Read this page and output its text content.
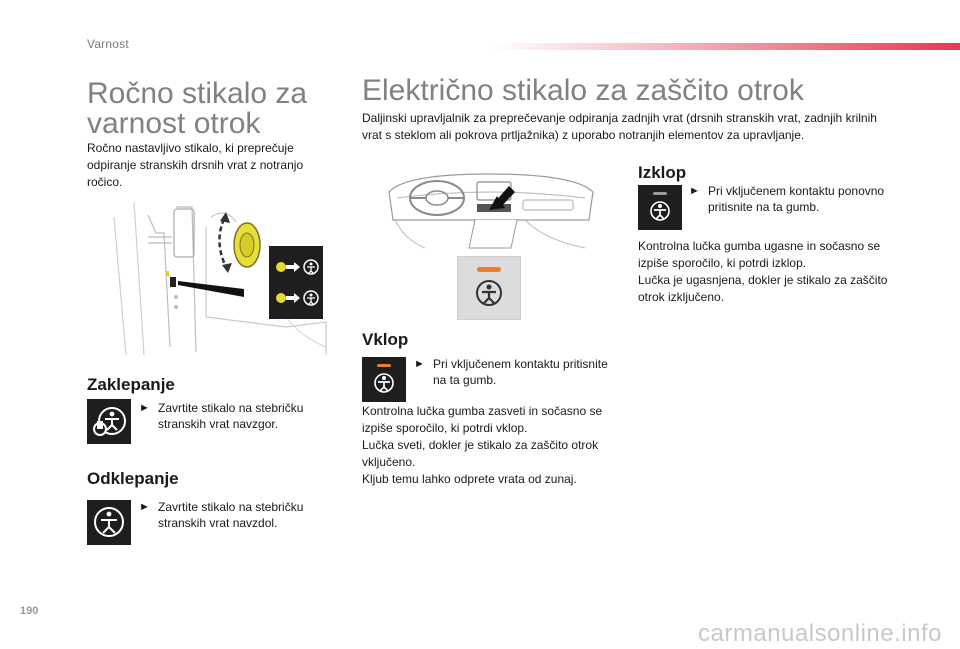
Varnost
Ročno stikalo za
varnost otrok
Ročno nastavljivo stikalo, ki preprečuje
odpiranje stranskih drsnih vrat z notranjo
ročico.
Zaklepanje
► Zavrtite stikalo na stebričku
stranskih vrat navzgor.
Odklepanje
► Zavrtite stikalo na stebričku
stranskih vrat navzdol.
Električno stikalo za zaščito otrok
Daljinski upravljalnik za preprečevanje odpiranja zadnjih vrat (drsnih stranskih vrat, zadnjih krilnih
vrat s steklom ali pokrova prtljažnika) z uporabo notranjih elementov za upravljanje.
Vklop
► Pri vključenem kontaktu pritisnite
na ta gumb.
Kontrolna lučka gumba zasveti in sočasno se
izpiše sporočilo, ki potrdi vklop.
Lučka sveti, dokler je stikalo za zaščito otrok
vključeno.
Kljub temu lahko odprete vrata od zunaj.
Izklop
► Pri vključenem kontaktu ponovno
pritisnite na ta gumb.
Kontrolna lučka gumba ugasne in sočasno se
izpiše sporočilo, ki potrdi izklop.
Lučka je ugasnjena, dokler je stikalo za zaščito
otrok izključeno.
190
carmanualsonline.info
